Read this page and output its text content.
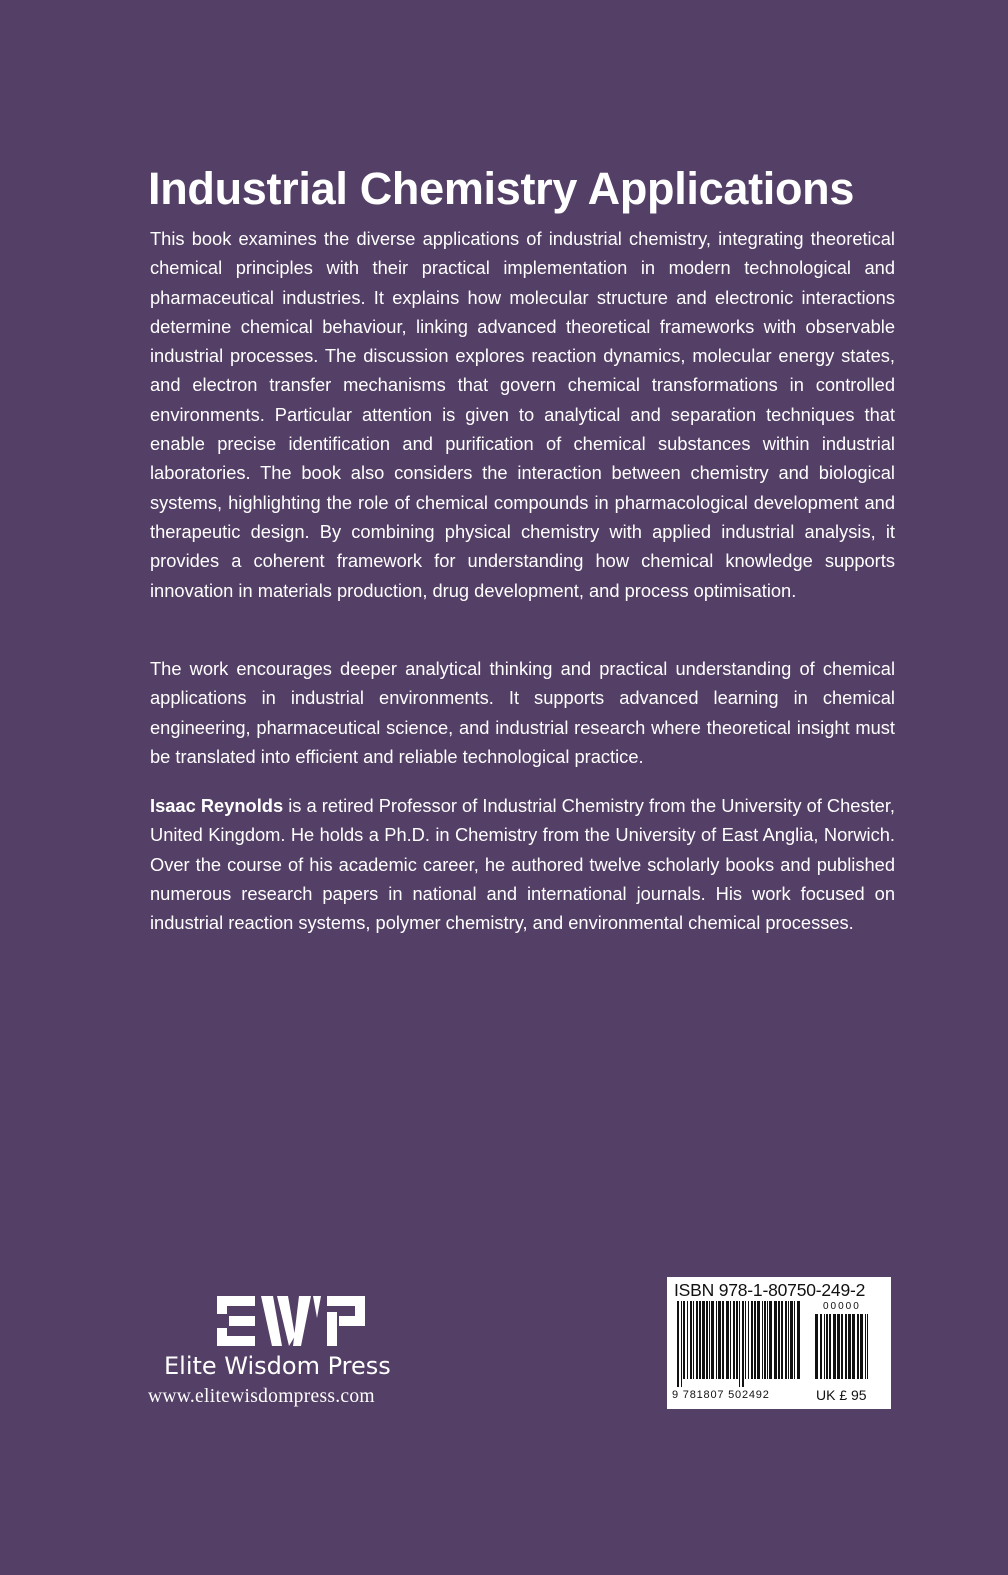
Industrial Chemistry Applications

This book examines the diverse applications of industrial chemistry, integrating theoretical chemical principles with their practical implementation in modern technological and pharmaceutical industries. It explains how molecular structure and electronic interactions determine chemical behaviour, linking advanced theoretical frameworks with observable industrial processes. The discussion explores reaction dynamics, molecular energy states, and electron transfer mechanisms that govern chemical transformations in controlled environments. Particular attention is given to analytical and separation techniques that enable precise identification and purification of chemical substances within industrial laboratories. The book also considers the interaction between chemistry and biological systems, highlighting the role of chemical compounds in pharmacological development and therapeutic design. By combining physical chemistry with applied industrial analysis, it provides a coherent framework for understanding how chemical knowledge supports innovation in materials production, drug development, and process optimisation.

The work encourages deeper analytical thinking and practical understanding of chemical applications in industrial environments. It supports advanced learning in chemical engineering, pharmaceutical science, and industrial research where theoretical insight must be translated into efficient and reliable technological practice.

Isaac Reynolds is a retired Professor of Industrial Chemistry from the University of Chester, United Kingdom. He holds a Ph.D. in Chemistry from the University of East Anglia, Norwich. Over the course of his academic career, he authored twelve scholarly books and published numerous research papers in national and international journals. His work focused on industrial reaction systems, polymer chemistry, and environmental chemical processes.

Elite Wisdom Press
www.elitewisdompress.com
ISBN 978-1-80750-249-2
00000
9 781807 502492	UK £ 95
